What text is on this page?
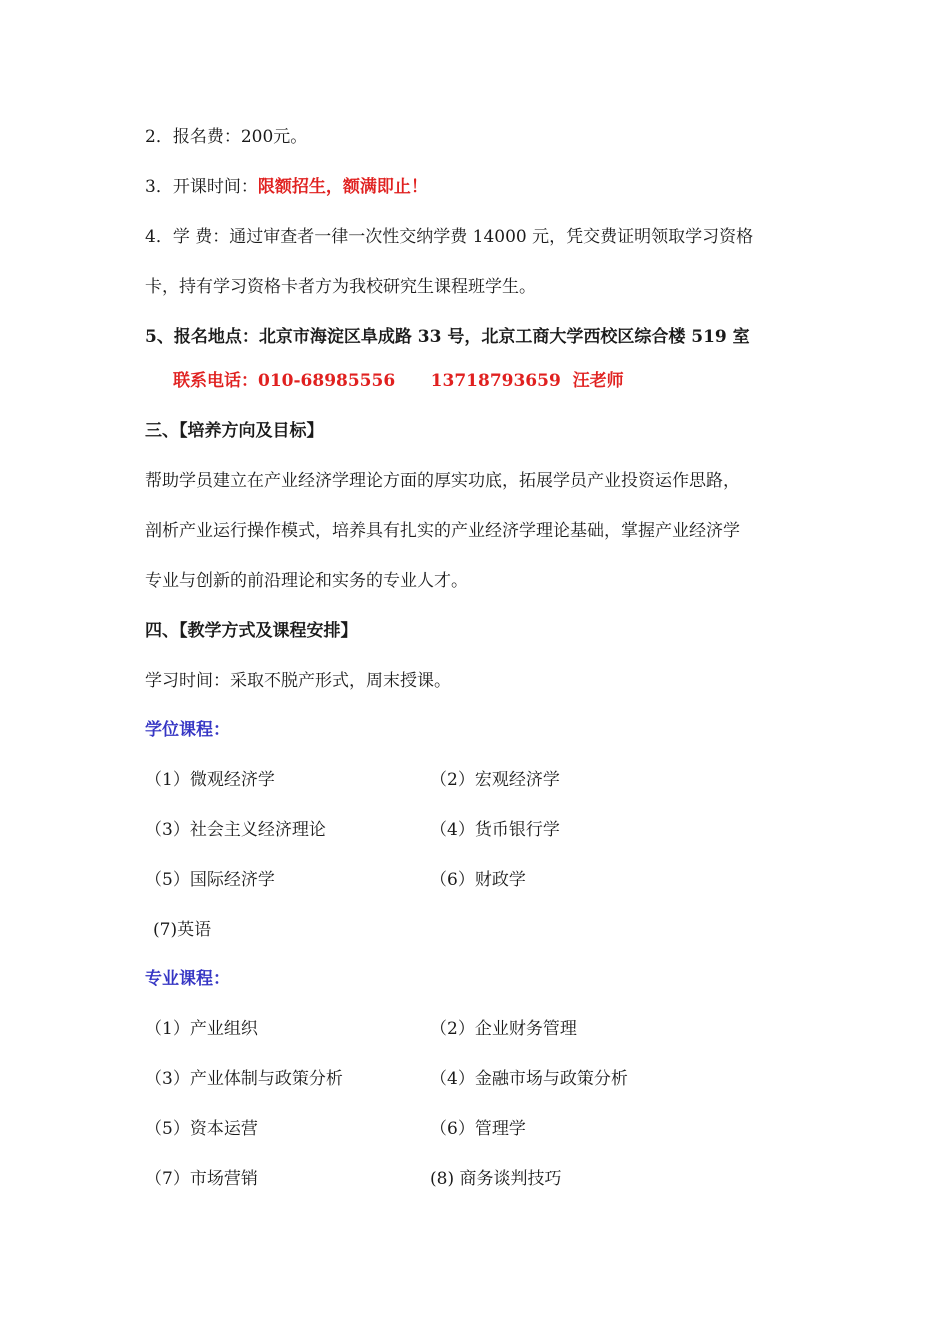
2．报名费：200元。
3．开课时间：限额招生，额满即止！
4．学 费：通过审查者一律一次性交纳学费 14000 元，凭交费证明领取学习资格
卡，持有学习资格卡者方为我校研究生课程班学生。
5、报名地点：北京市海淀区阜成路 33 号，北京工商大学西校区综合楼 519 室
联系电话：010-68985556      13718793659  汪老师
三、【培养方向及目标】
帮助学员建立在产业经济学理论方面的厚实功底，拓展学员产业投资运作思路，
剖析产业运行操作模式，培养具有扎实的产业经济学理论基础，掌握产业经济学
专业与创新的前沿理论和实务的专业人才。
四、【教学方式及课程安排】
学习时间：采取不脱产形式，周末授课。
学位课程：
（1）微观经济学	（2）宏观经济学
（3）社会主义经济理论	（4）货币银行学
（5）国际经济学	（6）财政学
(7)英语
专业课程：
（1）产业组织	（2）企业财务管理
（3）产业体制与政策分析	（4）金融市场与政策分析
（5）资本运营	（6）管理学
（7）市场营销	(8) 商务谈判技巧
